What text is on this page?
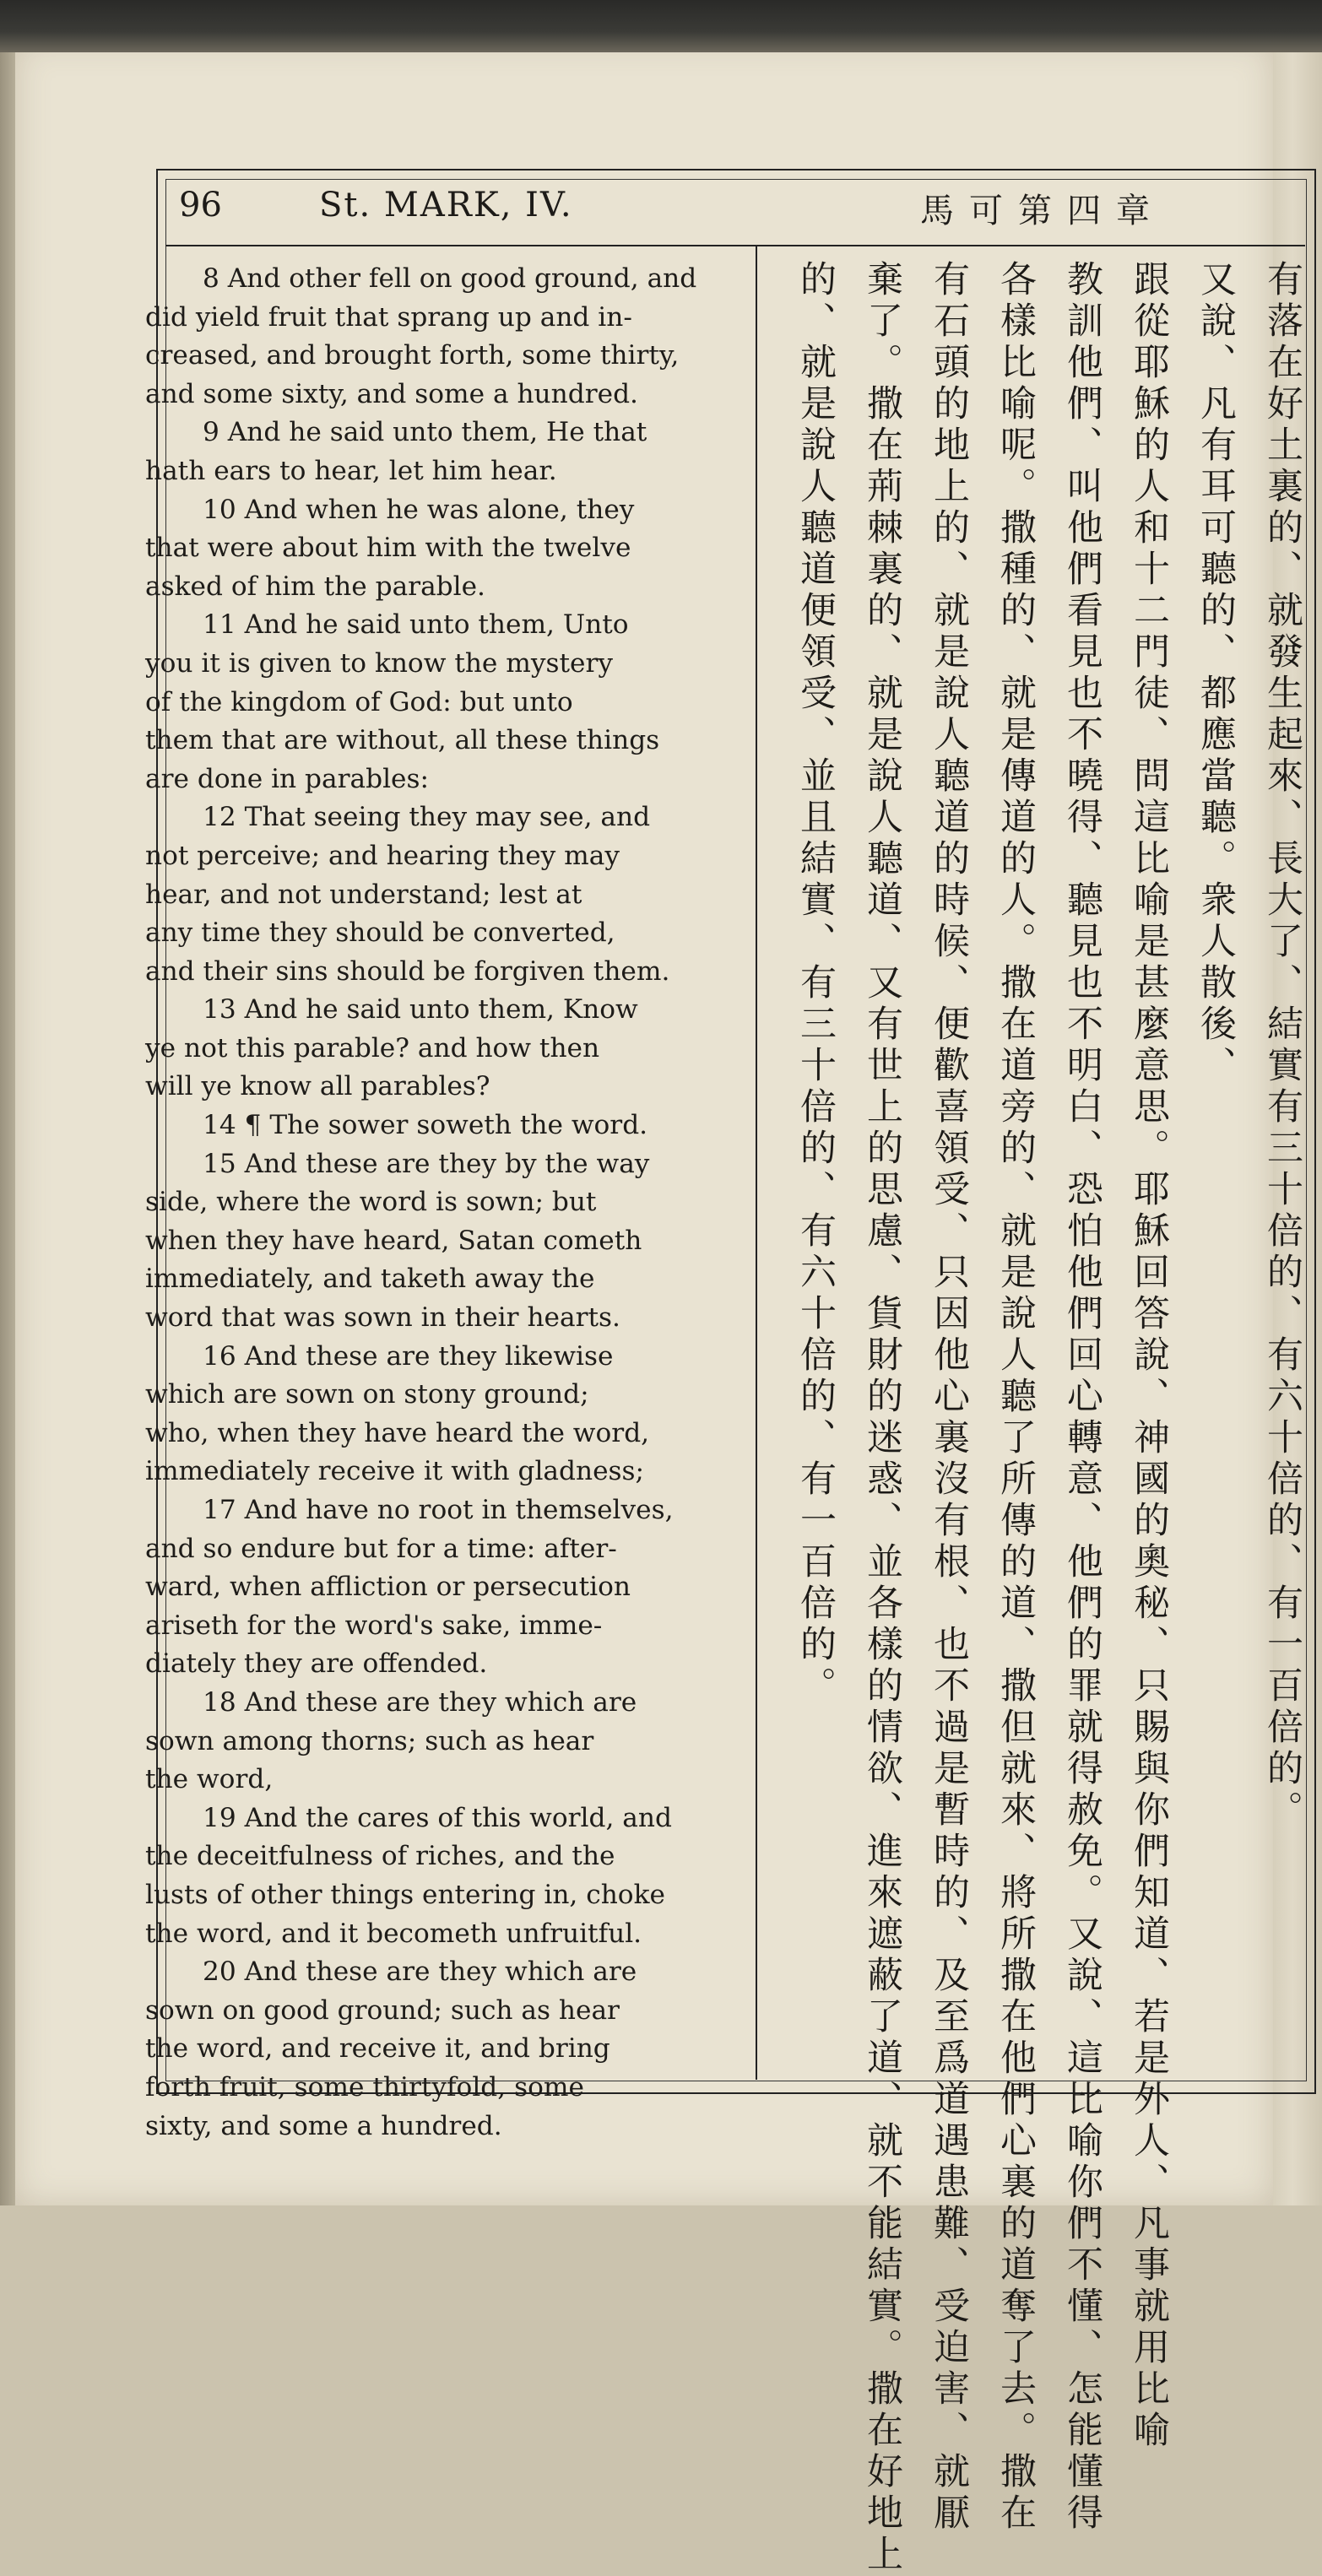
96	St. MARK, IV.	馬可第四章
8 And other fell on good ground, and
did yield fruit that sprang up and in-
creased, and brought forth, some thirty,
and some sixty, and some a hundred.
9 And he said unto them, He that
hath ears to hear, let him hear.
10 And when he was alone, they
that were about him with the twelve
asked of him the parable.
11 And he said unto them, Unto
you it is given to know the mystery
of the kingdom of God: but unto
them that are without, all these things
are done in parables:
12 That seeing they may see, and
not perceive; and hearing they may
hear, and not understand; lest at
any time they should be converted,
and their sins should be forgiven them.
13 And he said unto them, Know
ye not this parable? and how then
will ye know all parables?
14 ¶ The sower soweth the word.
15 And these are they by the way
side, where the word is sown; but
when they have heard, Satan cometh
immediately, and taketh away the
word that was sown in their hearts.
16 And these are they likewise
which are sown on stony ground;
who, when they have heard the word,
immediately receive it with gladness;
17 And have no root in themselves,
and so endure but for a time: after-
ward, when affliction or persecution
ariseth for the word's sake, imme-
diately they are offended.
18 And these are they which are
sown among thorns; such as hear
the word,
19 And the cares of this world, and
the deceitfulness of riches, and the
lusts of other things entering in, choke
the word, and it becometh unfruitful.
20 And these are they which are
sown on good ground; such as hear
the word, and receive it, and bring
forth fruit, some thirtyfold, some
sixty, and some a hundred.
有落在好土裏的、就發生起來、長大了、結實有三十倍的、有六十倍的、有一百倍的。
又說、凡有耳可聽的、都應當聽。衆人散後、
跟從耶穌的人和十二門徒、問這比喻是甚麼意思。耶穌回答說、神國的奧秘、只賜與你們知道、若是外人、凡事就用比喻
教訓他們、叫他們看見也不曉得、聽見也不明白、恐怕他們回心轉意、他們的罪就得赦免。又說、這比喻你們不懂、怎能懂得
各樣比喻呢。撒種的、就是傳道的人。撒在道旁的、就是說人聽了所傳的道、撒但就來、將所撒在他們心裏的道奪了去。撒在
有石頭的地上的、就是說人聽道的時候、便歡喜領受、只因他心裏沒有根、也不過是暫時的、及至爲道遇患難、受迫害、就厭
棄了。撒在荊棘裏的、就是說人聽道、又有世上的思慮、貨財的迷惑、並各樣的情欲、進來遮蔽了道、就不能結實。撒在好地上
的、就是說人聽道便領受、並且結實、有三十倍的、有六十倍的、有一百倍的。
